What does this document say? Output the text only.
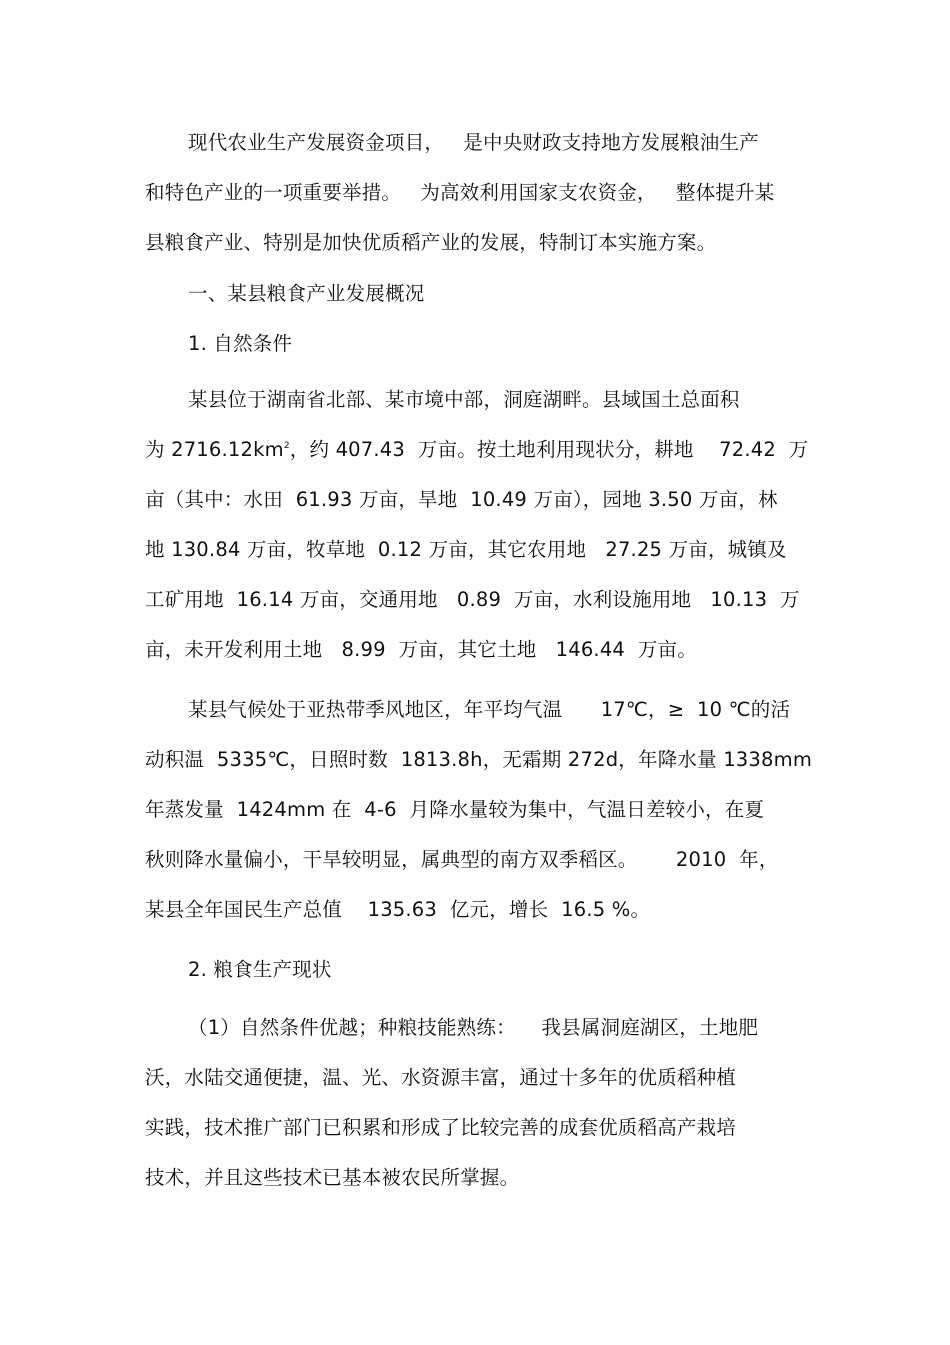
现代农业生产发展资金项目，   是中央财政支持地方发展粮油生产
和特色产业的一项重要举措。   为高效利用国家支农资金，   整体提升某
县粮食产业、特别是加快优质稻产业的发展，特制订本实施方案。
一、某县粮食产业发展概况
1. 自然条件
某县位于湖南省北部、某市境中部，洞庭湖畔。县域国土总面积
为 $2716.12km^2$，约 407.43  万亩。按土地利用现状分，耕地    72.42  万
亩（其中：水田  61.93 万亩，旱地  10.49 万亩），园地 3.50 万亩，林
地 130.84 万亩，牧草地  0.12 万亩，其它农用地   27.25 万亩，城镇及
工矿用地  16.14 万亩，交通用地   0.89  万亩，水利设施用地   10.13  万
亩，未开发利用土地   8.99  万亩，其它土地   146.44  万亩。
某县气候处于亚热带季风地区，年平均气温      17℃，≥  10 ℃的活
动积温  5335℃，日照时数  1813.8h，无霜期 272d，年降水量 1338mm
年蒸发量  1424mm 在  4-6  月降水量较为集中，气温日差较小，在夏
秋则降水量偏小，干旱较明显，属典型的南方双季稻区。      2010  年，
某县全年国民生产总值    135.63  亿元，增长  16.5 %。
2. 粮食生产现状
（1）自然条件优越；种粮技能熟练：    我县属洞庭湖区，土地肥
沃，水陆交通便捷，温、光、水资源丰富，通过十多年的优质稻种植
实践，技术推广部门已积累和形成了比较完善的成套优质稻高产栽培
技术，并且这些技术已基本被农民所掌握。
